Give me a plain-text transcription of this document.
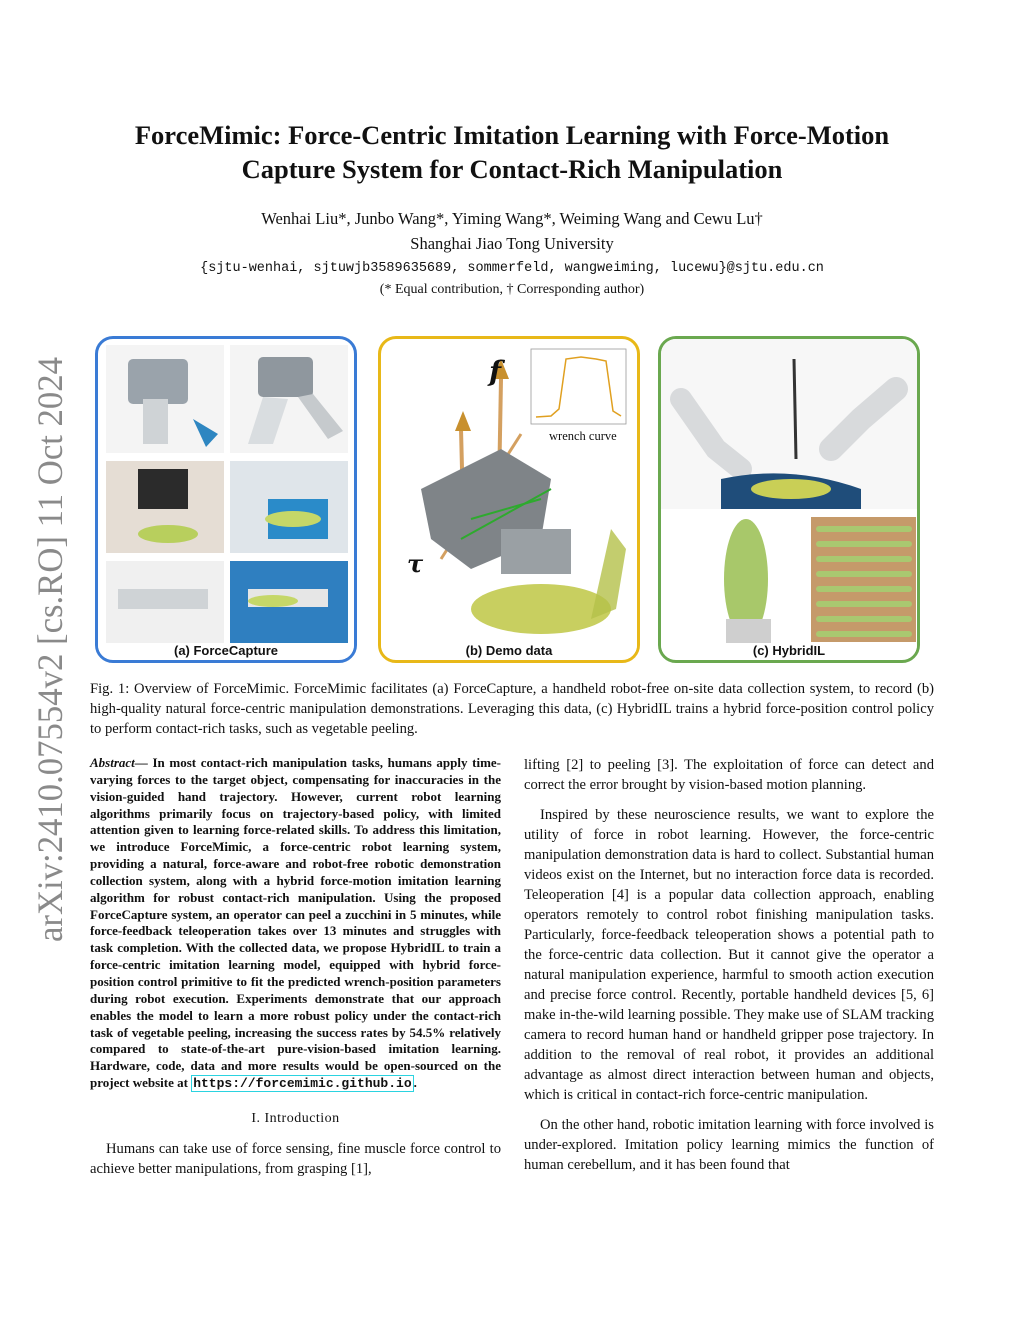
arXiv:2410.07554v2 [cs.RO] 11 Oct 2024
ForceMimic: Force-Centric Imitation Learning with Force-Motion Capture System for Contact-Rich Manipulation
Wenhai Liu*, Junbo Wang*, Yiming Wang*, Weiming Wang and Cewu Lu†
Shanghai Jiao Tong University
{sjtu-wenhai, sjtuwjb3589635689, sommerfeld, wangweiming, lucewu}@sjtu.edu.cn
(* Equal contribution, † Corresponding author)
(a) ForceCapture
f
τ
wrench curve
(b) Demo data	(c) HybridIL
Fig. 1: Overview of ForceMimic. ForceMimic facilitates (a) ForceCapture, a handheld robot-free on-site data collection system, to record (b) high-quality natural force-centric manipulation demonstrations. Leveraging this data, (c) HybridIL trains a hybrid force-position control policy to perform contact-rich tasks, such as vegetable peeling.
Abstract— In most contact-rich manipulation tasks, humans apply time-varying forces to the target object, compensating for inaccuracies in the vision-guided hand trajectory. However, current robot learning algorithms primarily focus on trajectory-based policy, with limited attention given to learning force-related skills. To address this limitation, we introduce ForceMimic, a force-centric robot learning system, providing a natural, force-aware and robot-free robotic demonstration collection system, along with a hybrid force-motion imitation learning algorithm for robust contact-rich manipulation. Using the proposed ForceCapture system, an operator can peel a zucchini in 5 minutes, while force-feedback teleoperation takes over 13 minutes and struggles with task completion. With the collected data, we propose HybridIL to train a force-centric imitation learning model, equipped with hybrid force-position control primitive to fit the predicted wrench-position parameters during robot execution. Experiments demonstrate that our approach enables the model to learn a more robust policy under the contact-rich task of vegetable peeling, increasing the success rates by 54.5% relatively compared to state-of-the-art pure-vision-based imitation learning. Hardware, code, data and more results would be open-sourced on the project website at https://forcemimic.github.io .
I. Introduction

Humans can take use of force sensing, fine muscle force control to achieve better manipulations, from grasping [1],

lifting [2] to peeling [3]. The exploitation of force can detect and correct the error brought by vision-based motion planning.

Inspired by these neuroscience results, we want to explore the utility of force in robot learning. However, the force-centric manipulation demonstration data is hard to collect. Substantial human videos exist on the Internet, but no interaction force data is recorded. Teleoperation [4] is a popular data collection approach, enabling operators remotely to control robot finishing manipulation tasks. Particularly, force-feedback teleoperation shows a potential path to the force-centric data collection. But it cannot give the operator a natural manipulation experience, harmful to smooth action execution and precise force control. Recently, portable handheld devices [5, 6] make in-the-wild learning possible. They make use of SLAM tracking camera to record human hand or handheld gripper pose trajectory. In addition to the removal of real robot, it provides an additional advantage as almost direct interaction between human and objects, which is critical in contact-rich force-centric manipulation.

On the other hand, robotic imitation learning with force involved is under-explored. Imitation policy learning mimics the function of human cerebellum, and it has been found that
